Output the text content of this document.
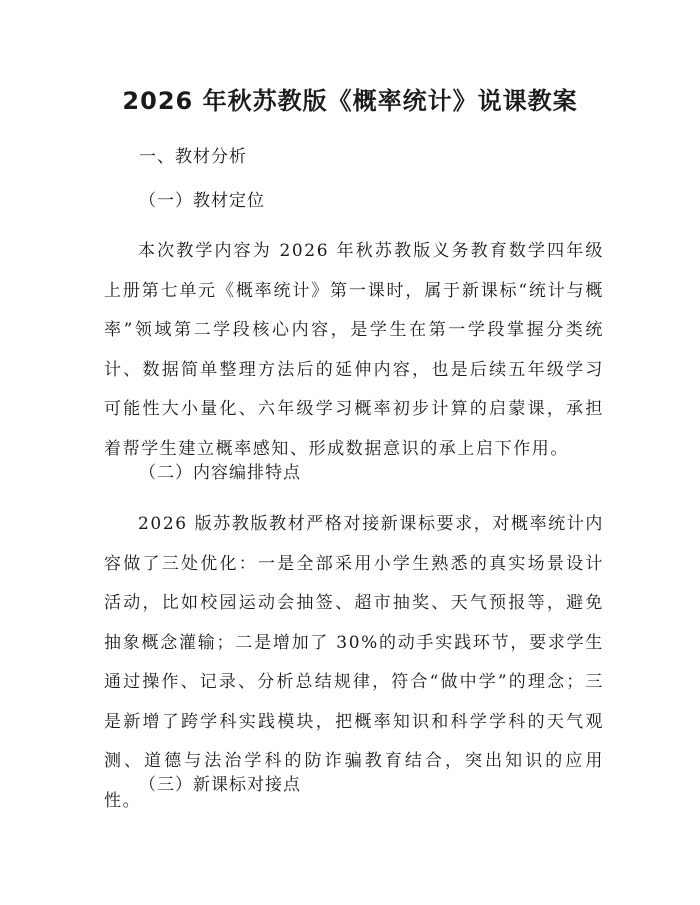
2026 年秋苏教版《概率统计》说课教案
一、教材分析
（一）教材定位
本次教学内容为 2026 年秋苏教版义务教育数学四年级上册第七单元《概率统计》第一课时，属于新课标“统计与概率”领域第二学段核心内容，是学生在第一学段掌握分类统计、数据简单整理方法后的延伸内容，也是后续五年级学习可能性大小量化、六年级学习概率初步计算的启蒙课，承担着帮学生建立概率感知、形成数据意识的承上启下作用。
（二）内容编排特点
2026 版苏教版教材严格对接新课标要求，对概率统计内容做了三处优化：一是全部采用小学生熟悉的真实场景设计活动，比如校园运动会抽签、超市抽奖、天气预报等，避免抽象概念灌输；二是增加了 30%的动手实践环节，要求学生通过操作、记录、分析总结规律，符合“做中学”的理念；三是新增了跨学科实践模块，把概率知识和科学学科的天气观测、道德与法治学科的防诈骗教育结合，突出知识的应用性。
（三）新课标对接点
